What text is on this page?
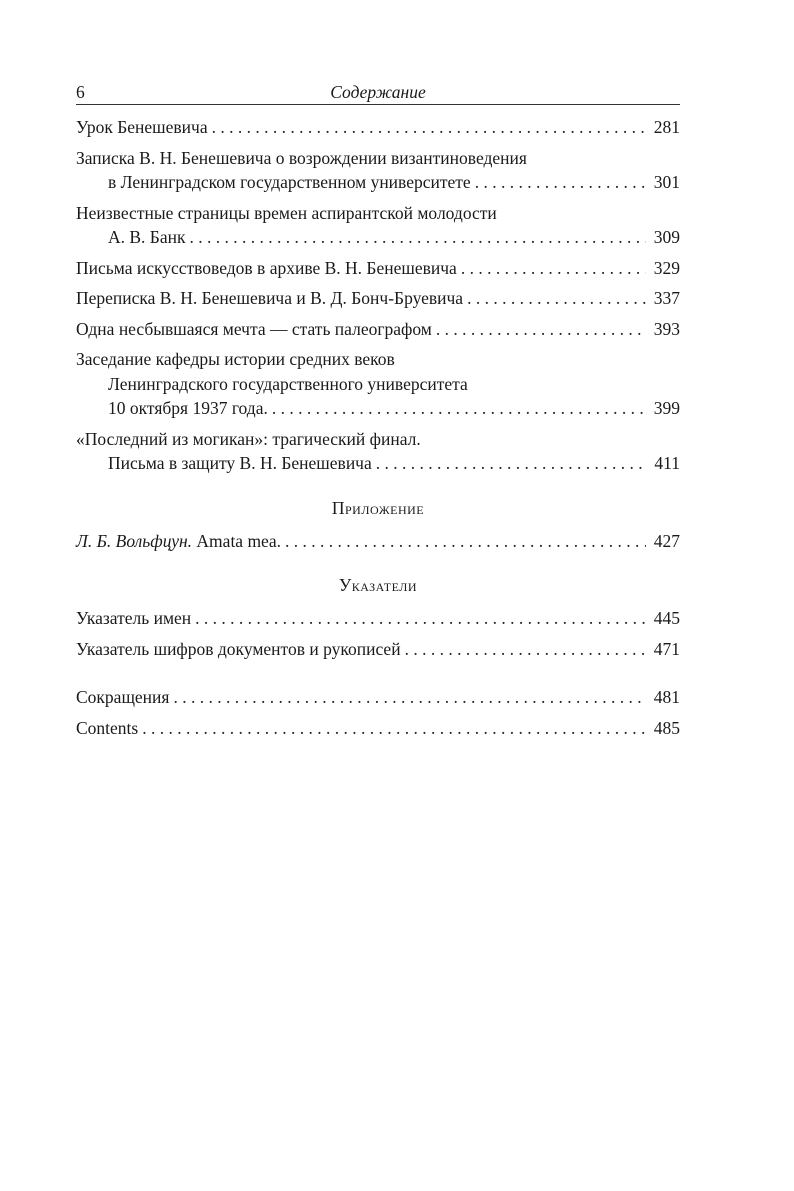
6	Содержание
Урок Бенешевича . . .	281
Записка В. Н. Бенешевича о возрождении византиноведения
в Ленинградском государственном университете . . .	301
Неизвестные страницы времен аспирантской молодости
А. В. Банк . . .	309
Письма искусствоведов в архиве В. Н. Бенешевича . . .	329
Переписка В. Н. Бенешевича и В. Д. Бонч-Бруевича . . .	337
Одна несбывшаяся мечта — стать палеографом . . .	393
Заседание кафедры истории средних веков
Ленинградского государственного университета
10 октября 1937 года. . . .	399
«Последний из могикан»: трагический финал.
Письма в защиту В. Н. Бенешевича . . .	411
Приложение
Л. Б. Вольфцун. Amata mea. . . .	427
Указатели
Указатель имен . . .	445
Указатель шифров документов и рукописей . . .	471
Сокращения . . .	481
Contents . . .	485
